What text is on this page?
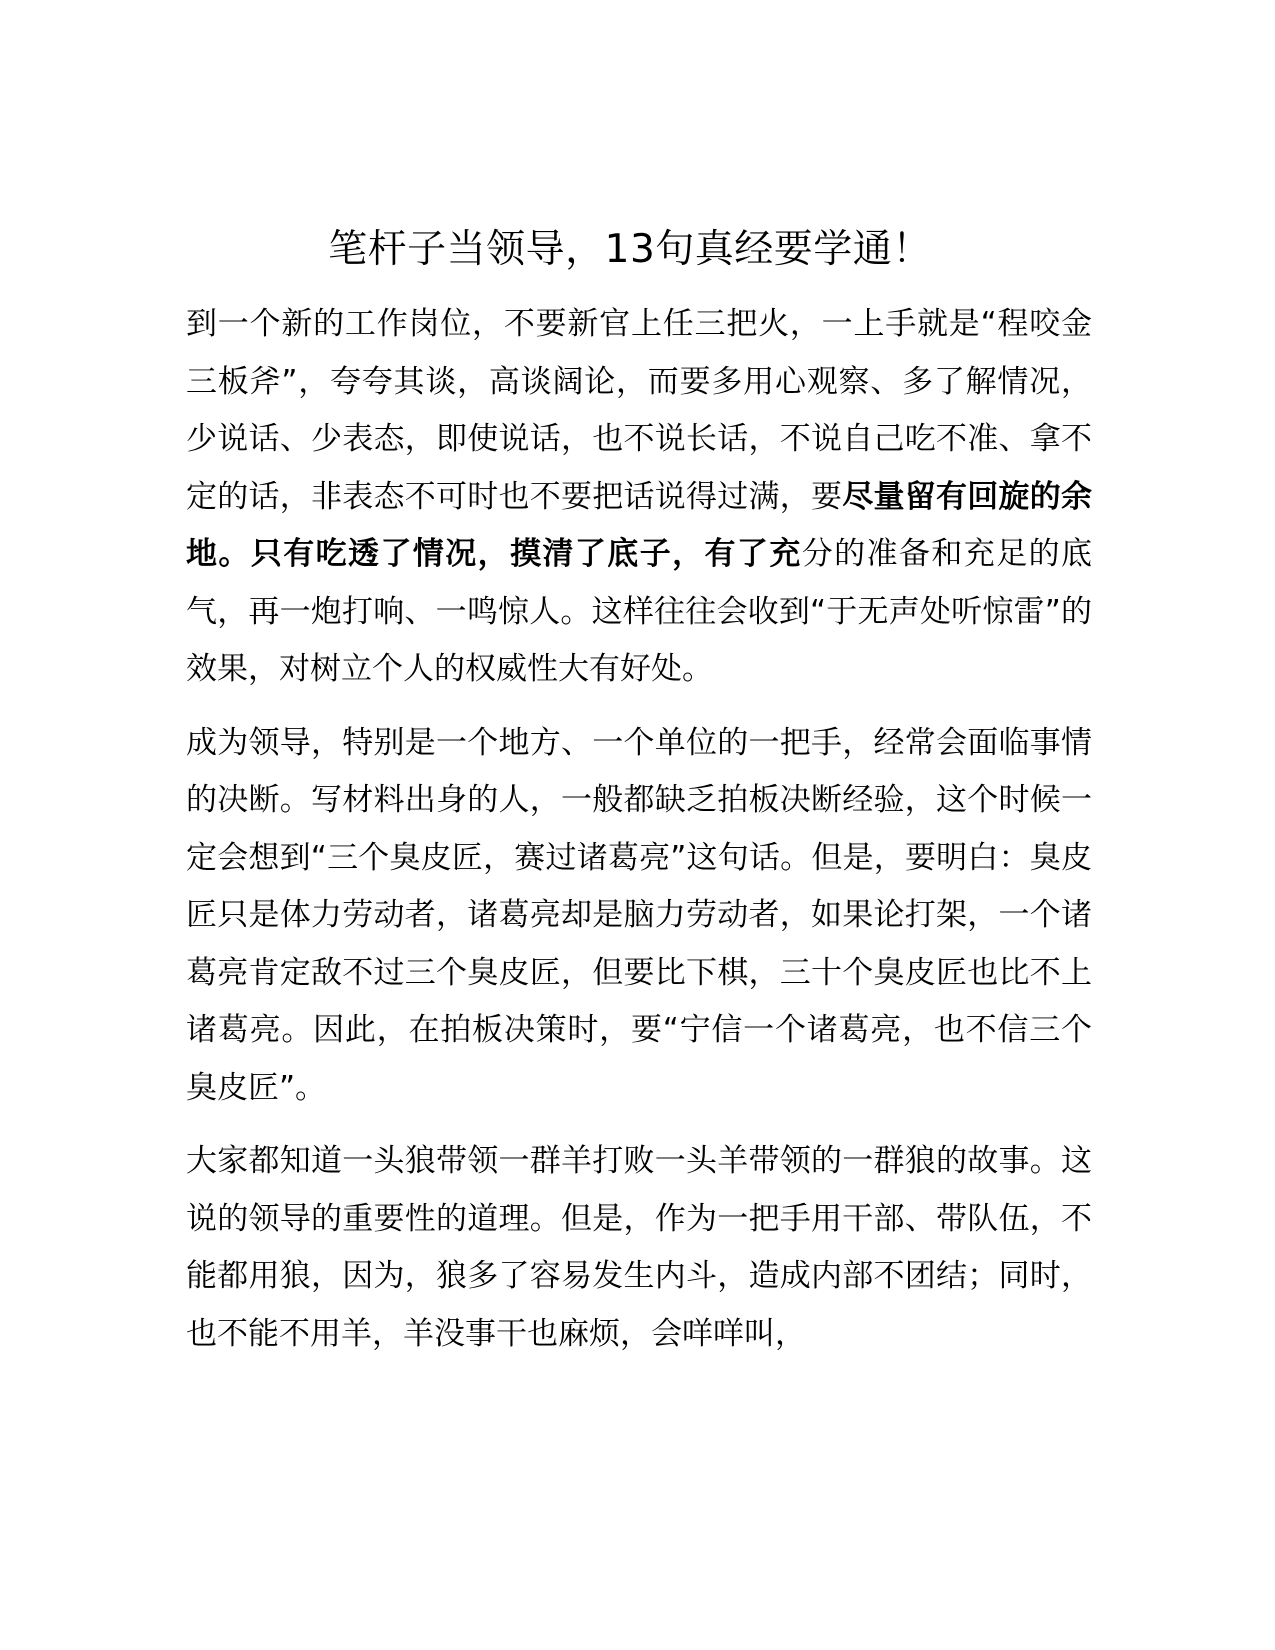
笔杆子当领导，13句真经要学通！

到一个新的工作岗位，不要新官上任三把火，一上手就是“程咬金三板斧”，夸夸其谈，高谈阔论，而要多用心观察、多了解情况，少说话、少表态，即使说话，也不说长话，不说自己吃不准、拿不定的话，非表态不可时也不要把话说得过满，要尽量留有回旋的余地。只有吃透了情况，摸清了底子，有了充分的准备和充足的底气，再一炮打响、一鸣惊人。这样往往会收到“于无声处听惊雷”的效果，对树立个人的权威性大有好处。

成为领导，特别是一个地方、一个单位的一把手，经常会面临事情的决断。写材料出身的人，一般都缺乏拍板决断经验，这个时候一定会想到“三个臭皮匠，赛过诸葛亮”这句话。但是，要明白：臭皮匠只是体力劳动者，诸葛亮却是脑力劳动者，如果论打架，一个诸葛亮肯定敌不过三个臭皮匠，但要比下棋，三十个臭皮匠也比不上诸葛亮。因此，在拍板决策时，要“宁信一个诸葛亮，也不信三个臭皮匠”。

大家都知道一头狼带领一群羊打败一头羊带领的一群狼的故事。这说的领导的重要性的道理。但是，作为一把手用干部、带队伍，不能都用狼，因为，狼多了容易发生内斗，造成内部不团结；同时，也不能不用羊，羊没事干也麻烦，会咩咩叫，
